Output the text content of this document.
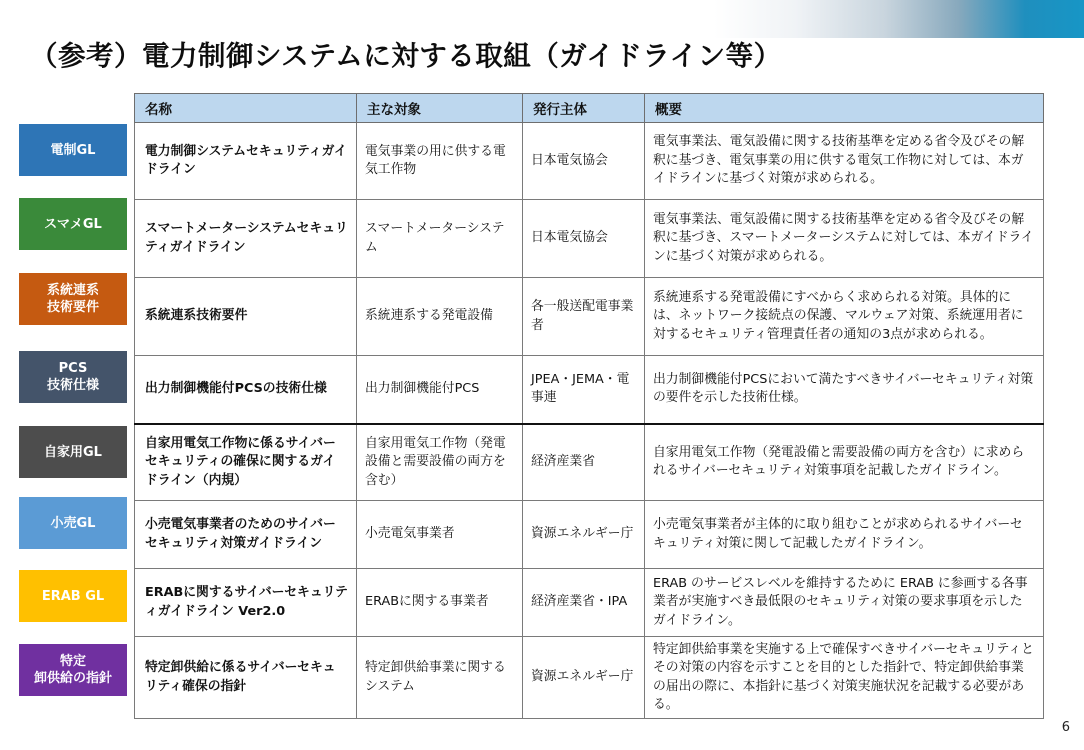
（参考）電力制御システムに対する取組（ガイドライン等）
電制GL
スマメGL
系統連系
技術要件
PCS
技術仕様
自家用GL
小売GL
ERAB GL
特定
卸供給の指針
名称	主な対象	発行主体	概要
電力制御システムセキュリティガイドライン	電気事業の用に供する電気工作物	日本電気協会	電気事業法、電気設備に関する技術基準を定める省令及びその解釈に基づき、電気事業の用に供する電気工作物に対しては、本ガイドラインに基づく対策が求められる。
スマートメーターシステムセキュリティガイドライン	スマートメーターシステム	日本電気協会	電気事業法、電気設備に関する技術基準を定める省令及びその解釈に基づき、スマートメーターシステムに対しては、本ガイドラインに基づく対策が求められる。
系統連系技術要件	系統連系する発電設備	各一般送配電事業者	系統連系する発電設備にすべからく求められる対策。具体的には、ネットワーク接続点の保護、マルウェア対策、系統運用者に対するセキュリティ管理責任者の通知の3点が求められる。
出力制御機能付PCSの技術仕様	出力制御機能付PCS	JPEA・JEMA・電事連	出力制御機能付PCSにおいて満たすべきサイバーセキュリティ対策の要件を示した技術仕様。
自家用電気工作物に係るサイバーセキュリティの確保に関するガイドライン（内規）	自家用電気工作物（発電設備と需要設備の両方を含む）	経済産業省	自家用電気工作物（発電設備と需要設備の両方を含む）に求められるサイバーセキュリティ対策事項を記載したガイドライン。
小売電気事業者のためのサイバーセキュリティ対策ガイドライン	小売電気事業者	資源エネルギー庁	小売電気事業者が主体的に取り組むことが求められるサイバーセキュリティ対策に関して記載したガイドライン。
ERABに関するサイバーセキュリティガイドライン Ver2.0	ERABに関する事業者	経済産業省・IPA	ERAB のサービスレベルを維持するために ERAB に参画する各事業者が実施すべき最低限のセキュリティ対策の要求事項を示したガイドライン。
特定卸供給に係るサイバーセキュリティ確保の指針	特定卸供給事業に関するシステム	資源エネルギー庁	特定卸供給事業を実施する上で確保すべきサイバーセキュリティとその対策の内容を示すことを目的とした指針で、特定卸供給事業の届出の際に、本指針に基づく対策実施状況を記載する必要がある。
6
